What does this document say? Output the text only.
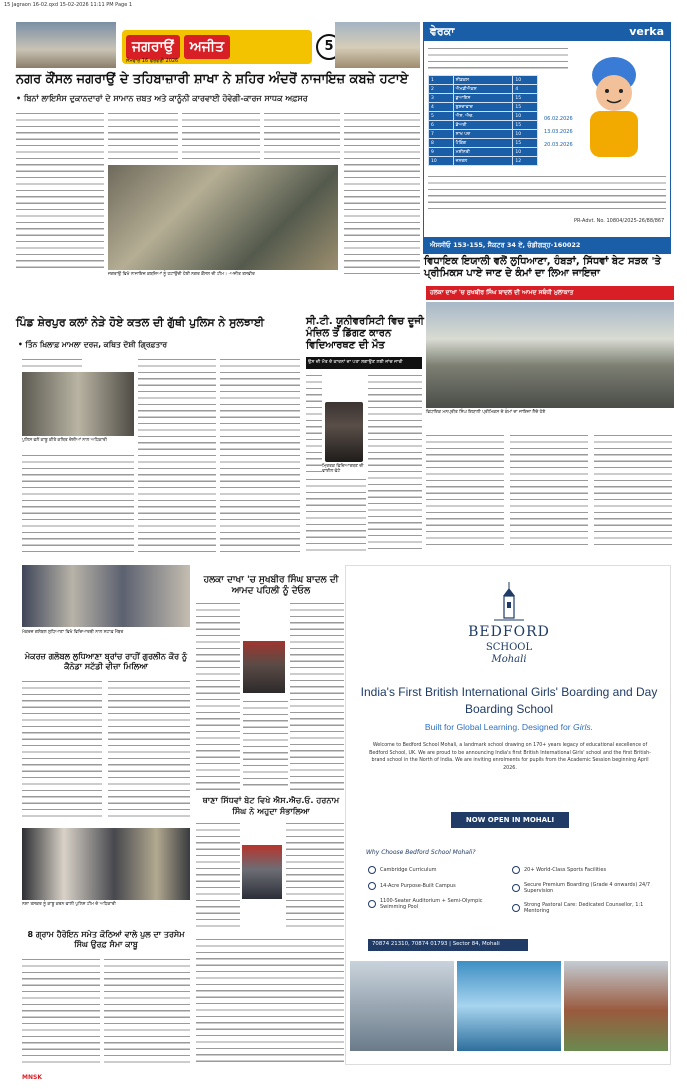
15 Jagraon 16-02.qxd 15-02-2026 11:11 PM Page 1
ਜਗਰਾਉਂ	ਅਜੀਤ
ਸੋਮਵਾਰ 16 ਫਰਵਰੀ 2026
5
ਨਗਰ ਕੌਂਸਲ ਜਗਰਾਉਂ ਦੇ ਤਹਿਬਾਜ਼ਾਰੀ ਸ਼ਾਖਾ ਨੇ ਸ਼ਹਿਰ ਅੰਦਰੋਂ ਨਾਜਾਇਜ਼ ਕਬਜ਼ੇ ਹਟਾਏ
• ਬਿਨਾਂ ਲਾਇਸੰਸ ਦੁਕਾਨਦਾਰਾਂ ਦੇ ਸਾਮਾਨ ਜ਼ਬਤ ਅਤੇ ਕਾਨੂੰਨੀ ਕਾਰਵਾਈ ਹੋਵੇਗੀ-ਕਾਰਜ ਸਾਧਕ ਅਫ਼ਸਰ
ਜਗਰਾਉਂ ਵਿਖੇ ਨਾਜਾਇਜ਼ ਕਬਜ਼ਿਆਂ ਨੂੰ ਹਟਾਉਂਦੀ ਹੋਈ ਨਗਰ ਕੌਂਸਲ ਦੀ ਟੀਮ। -ਅਜੀਤ ਤਸਵੀਰ
ਵੇਰਕਾ	verka
1	ਸੀਡਕਸ	10
2	ਐਮਡੀਐਕਸ	4
3	ਡੁਆਇਸ	15
4	ਬੁਸ਼ਦਾਵਾਦ	15
5	ਐਸ. ਐਚ.	10
6	ਡੇਅਰੀ	15
7	ਸਾਖ ਪਦ	10
8	ਪੈਕਿੰਗ	15
9	ਮਸ਼ੀਨਰੀ	10
10	ਜਨਰਲ	12
06.02.2026
13.03.2026
20.03.2026
PR-Advt. No. 10804/2025-26/88/867
ਐਸਸੀਓ 153-155, ਸੈਕਟਰ 34 ਏ, ਚੰਡੀਗੜ੍ਹ-160022
ਵਿਧਾਇਕ ਇਯਾਲੀ ਵਲੋਂ ਲੁਧਿਆਣਾ, ਹੰਬੜਾਂ, ਸਿੱਧਵਾਂ ਬੇਟ ਸੜਕ 'ਤੇ ਪ੍ਰੀਮਿਕਸ ਪਾਏ ਜਾਣ ਦੇ ਕੰਮਾਂ ਦਾ ਲਿਆ ਜਾਇਜ਼ਾ
ਹਲਕਾ ਦਾਖਾ 'ਚ ਸੁਖਬੀਰ ਸਿੰਘ ਬਾਦਲ ਦੀ ਆਮਦ ਸਬੰਧੀ ਮੁਲਾਕਾਤ
ਵਿਧਾਇਕ ਮਨਪ੍ਰੀਤ ਸਿੰਘ ਇਯਾਲੀ ਪ੍ਰੀਮਿਕਸ ਦੇ ਕੰਮਾਂ ਦਾ ਜਾਇਜ਼ਾ ਲੈਂਦੇ ਹੋਏ
ਪਿੰਡ ਸ਼ੇਰਪੁਰ ਕਲਾਂ ਨੇੜੇ ਹੋਏ ਕਤਲ ਦੀ ਗੁੱਥੀ ਪੁਲਿਸ ਨੇ ਸੁਲਝਾਈ
• ਤਿੰਨ ਖ਼ਿਲਾਫ਼ ਮਾਮਲਾ ਦਰਜ, ਕਥਿਤ ਦੋਸ਼ੀ ਗ੍ਰਿਫ਼ਤਾਰ
ਸੀ.ਟੀ. ਯੂਨੀਵਰਸਿਟੀ ਵਿਚ ਦੂਜੀ ਮੰਜ਼ਿਲ ਤੋਂ ਡਿੱਗਣ ਕਾਰਨ ਵਿਦਿਆਰਥਣ ਦੀ ਮੌਤ
ਉਸ ਦੀ ਮੌਤ ਦੇ ਕਾਰਨਾਂ ਦਾ ਪਤਾ ਲਗਾਉਣ ਲਈ ਜਾਂਚ ਜਾਰੀ
ਪੁਲਿਸ ਵਲੋਂ ਕਾਬੂ ਕੀਤੇ ਕਥਿਤ ਦੋਸ਼ੀਆਂ ਨਾਲ ਅਧਿਕਾਰੀ
ਮ੍ਰਿਤਕ ਵਿਦਿਆਰਥਣ ਦੀ ਫਾਈਲ ਫੋਟੋ
ਮੇਕਰਜ਼ ਗਲੋਬਲ ਲੁਧਿਆਣਾ ਵਿਖੇ ਵਿਦਿਆਰਥੀ ਨਾਲ ਸਟਾਫ਼ ਮੈਂਬਰ
ਮੇਕਰਜ਼ ਗਲੋਬਲ ਲੁਧਿਆਣਾ ਬ੍ਰਾਂਚ ਰਾਹੀਂ ਗੁਰਲੀਨ ਕੌਰ ਨੂੰ ਕੈਨੇਡਾ ਸਟੱਡੀ ਵੀਜ਼ਾ ਮਿਲਿਆ
ਹਲਕਾ ਦਾਖਾ 'ਚ ਸੁਖਬੀਰ ਸਿੰਘ ਬਾਦਲ ਦੀ ਆਮਦ ਪਹਿਲੀ ਨੂੰ ਦੇਓਲ
ਥਾਣਾ ਸਿੱਧਵਾਂ ਬੇਟ ਵਿਖੇ ਐਸ.ਐਚ.ਓ. ਹਰਨਾਮ ਸਿੰਘ ਨੇ ਅਹੁਦਾ ਸੰਭਾਲਿਆ
ਨਸ਼ਾ ਤਸਕਰ ਨੂੰ ਕਾਬੂ ਕਰਨ ਵਾਲੀ ਪੁਲਿਸ ਟੀਮ ਦੇ ਅਧਿਕਾਰੀ
8 ਗ੍ਰਾਮ ਹੈਰੋਇਨ ਸਮੇਤ ਕੋਠਿਆਂ ਵਾਲੇ ਪੁਲ ਦਾ ਤਰਸੇਮ ਸਿੰਘ ਉਰਫ਼ ਸੰਮਾ ਕਾਬੂ
BEDFORD
SCHOOL
Mohali
India's First British International Girls' Boarding and Day Boarding School
Built for Global Learning. Designed for Girls.
Welcome to Bedford School Mohali, a landmark school drawing on 170+ years legacy of educational excellence of Bedford School, UK. We are proud to be announcing India's first British International Girls' school and the first British-brand school in the North of India. We are inviting enrolments for pupils from the Academic Session beginning April 2026.
NOW OPEN IN MOHALI
Why Choose Bedford School Mohali?
Cambridge Curriculum
14-Acre Purpose-Built Campus
1100-Seater Auditorium + Semi-Olympic Swimming Pool
20+ World-Class Sports Facilities
Secure Premium Boarding (Grade 4 onwards) 24/7 Supervision
Strong Pastoral Care: Dedicated Counsellor, 1:1 Mentoring
70874 21310, 70874 01793 | Sector 84, Mohali
MNSK
